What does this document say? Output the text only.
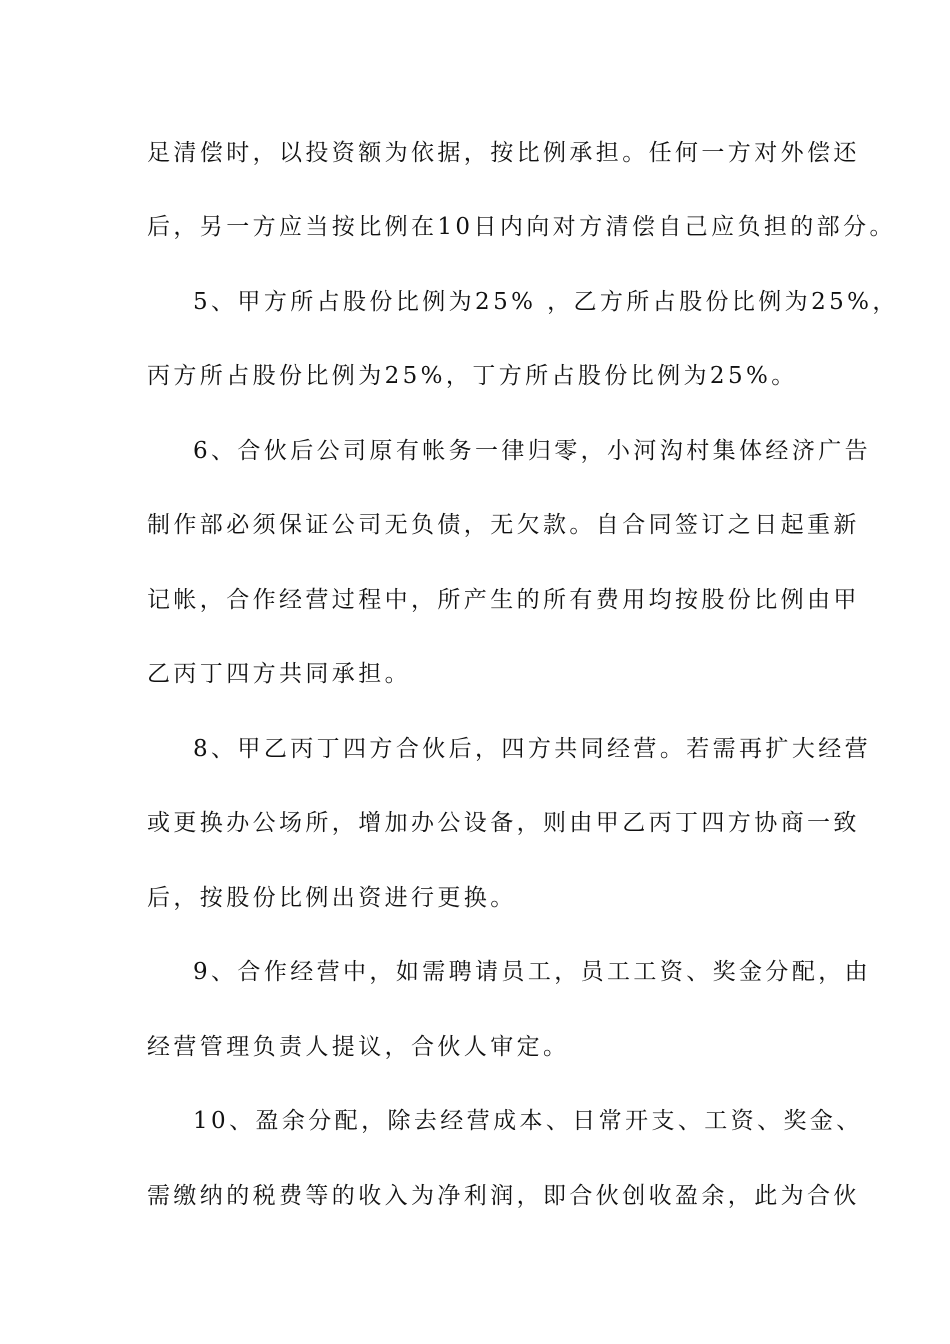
足清偿时，以投资额为依据，按比例承担。任何一方对外偿还
后，另一方应当按比例在10日内向对方清偿自己应负担的部分。
5、甲方所占股份比例为25% ，乙方所占股份比例为25%，
丙方所占股份比例为25%，丁方所占股份比例为25%。
6、合伙后公司原有帐务一律归零，小河沟村集体经济广告
制作部必须保证公司无负债，无欠款。自合同签订之日起重新
记帐，合作经营过程中，所产生的所有费用均按股份比例由甲
乙丙丁四方共同承担。
8、甲乙丙丁四方合伙后，四方共同经营。若需再扩大经营
或更换办公场所，增加办公设备，则由甲乙丙丁四方协商一致
后，按股份比例出资进行更换。
9、合作经营中，如需聘请员工，员工工资、奖金分配，由
经营管理负责人提议，合伙人审定。
10、盈余分配，除去经营成本、日常开支、工资、奖金、
需缴纳的税费等的收入为净利润，即合伙创收盈余，此为合伙
